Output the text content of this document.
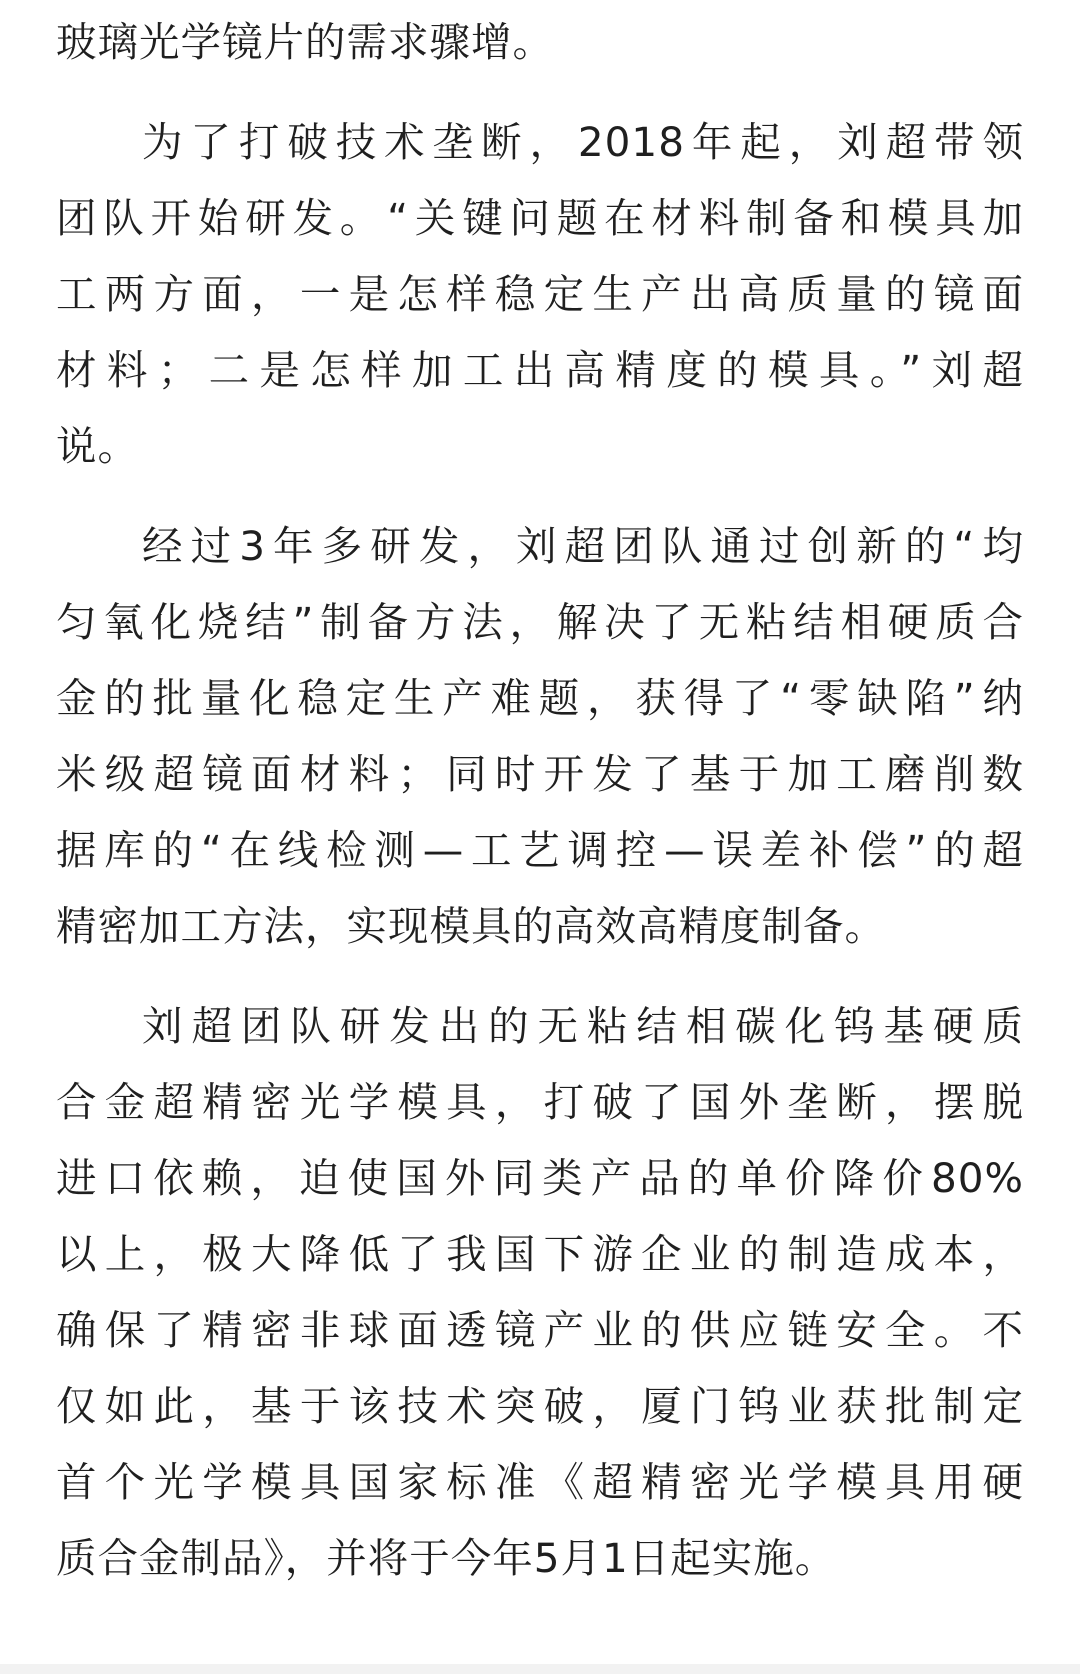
玻璃光学镜片的需求骤增。

为了打破技术垄断，2018年起，刘超带领
团队开始研发。“关键问题在材料制备和模具加
工两方面，一是怎样稳定生产出高质量的镜面
材料；二是怎样加工出高精度的模具。”刘超
说。

经过3年多研发，刘超团队通过创新的“均
匀氧化烧结”制备方法，解决了无粘结相硬质合
金的批量化稳定生产难题，获得了“零缺陷”纳
米级超镜面材料；同时开发了基于加工磨削数
据库的“在线检测—工艺调控—误差补偿”的超
精密加工方法，实现模具的高效高精度制备。

刘超团队研发出的无粘结相碳化钨基硬质
合金超精密光学模具，打破了国外垄断，摆脱
进口依赖，迫使国外同类产品的单价降价80%
以上，极大降低了我国下游企业的制造成本，
确保了精密非球面透镜产业的供应链安全。不
仅如此，基于该技术突破，厦门钨业获批制定
首个光学模具国家标准《超精密光学模具用硬
质合金制品》，并将于今年5月1日起实施。
